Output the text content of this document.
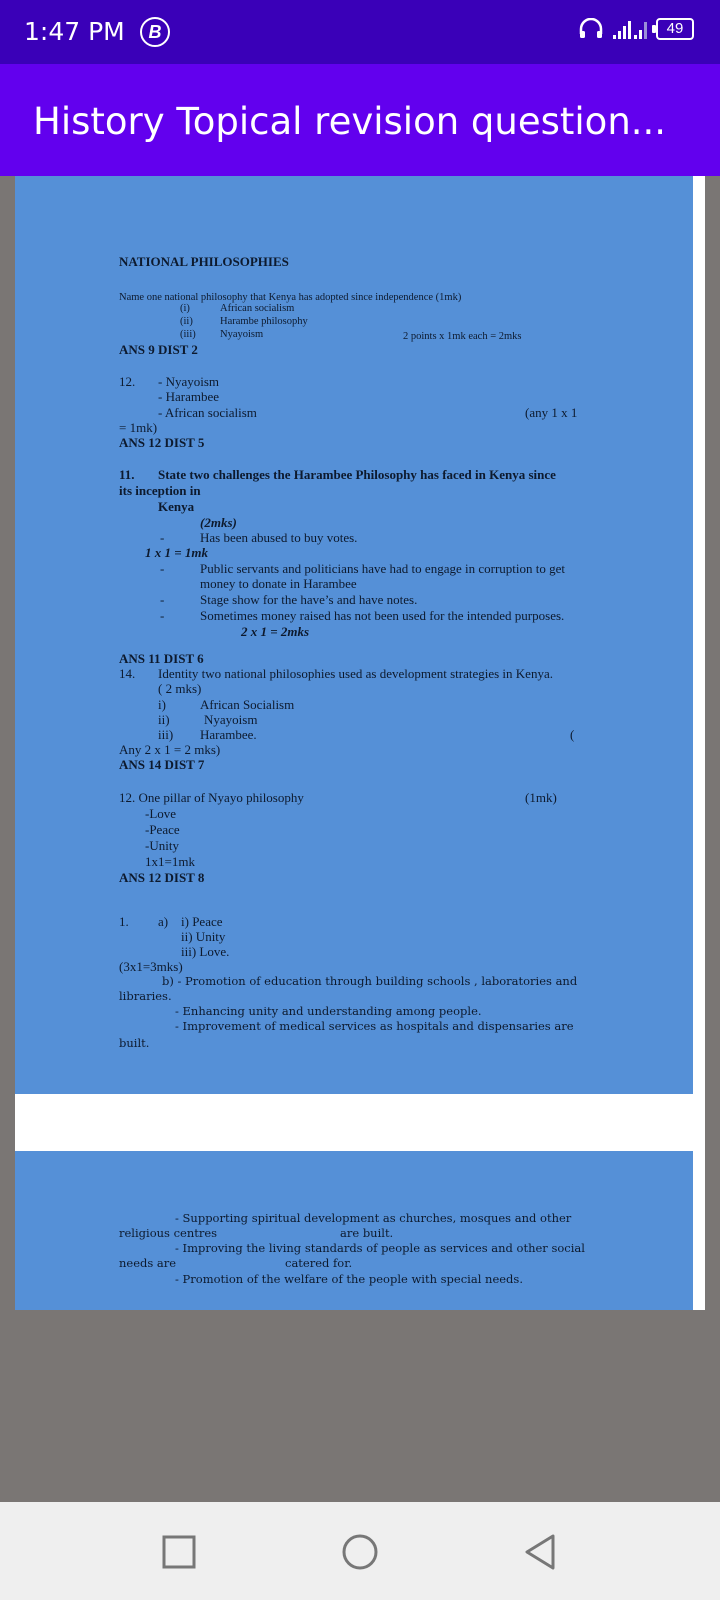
1:47 PM	B	49
History Topical revision question...
NATIONAL PHILOSOPHIES
Name one national philosophy that Kenya has adopted since independence (1mk)
(i)	African socialism
(ii)	Harambe philosophy
(iii) Nyayoism	2 points x 1mk each = 2mks
ANS 9 DIST 2
12. - Nyayoism
- Harambee
- African socialism	(any 1 x 1
= 1mk)
ANS 12 DIST 5
11. State two challenges the Harambee Philosophy has faced in Kenya since
its inception in
Kenya
(2mks)
-	Has been abused to buy votes.
1 x 1 = 1mk
-	Public servants and politicians have had to engage in corruption to get
money to donate in Harambee
-	Stage show for the have’s and have notes.
-	Sometimes money raised has not been used for the intended purposes.
2 x 1 = 2mks
ANS 11 DIST 6
14. Identity two national philosophies used as development strategies in Kenya.
( 2 mks)
i)	African Socialism
ii)	Nyayoism
iii) Harambee.	(
Any 2 x 1 = 2 mks)
ANS 14 DIST 7
12. One pillar of Nyayo philosophy	(1mk)
-Love
-Peace
-Unity
1x1=1mk
ANS 12 DIST 8
1. a) i) Peace
ii) Unity
iii) Love.
(3x1=3mks)
b) - Promotion of education through building schools , laboratories and
libraries.
- Enhancing unity and understanding among people.
- Improvement of medical services as hospitals and dispensaries are
built.
- Supporting spiritual development as churches, mosques and other
religious centres	are built.
- Improving the living standards of people as services and other social
needs are	catered for.
- Promotion of the welfare of the people with special needs.
